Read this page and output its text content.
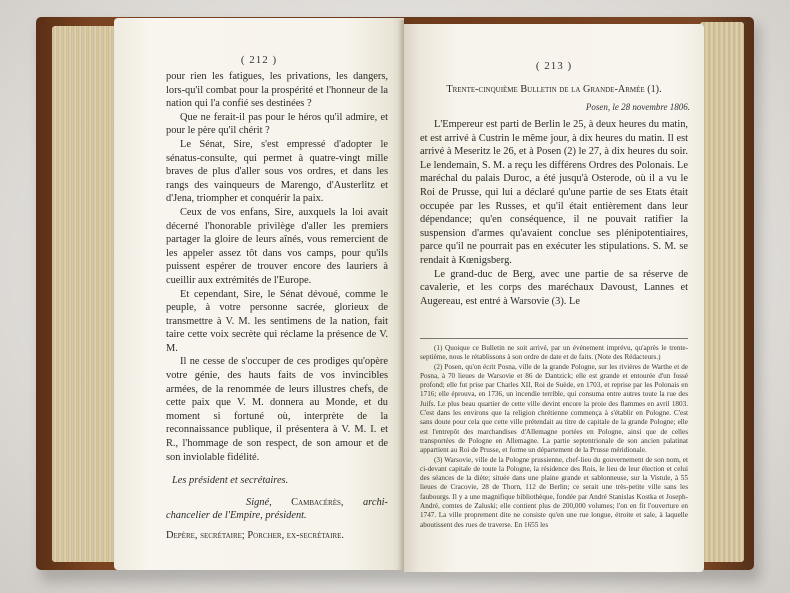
( 212 )

pour rien les fatigues, les privations, les dangers, lors-qu'il combat pour la prospérité et l'honneur de la nation qui l'a confié ses destinées ?

Que ne ferait-il pas pour le héros qu'il admire, et pour le père qu'il chérit ?

Le Sénat, Sire, s'est empressé d'adopter le sénatus-consulte, qui permet à quatre-vingt mille braves de plus d'aller sous vos ordres, et dans les rangs des vainqueurs de Marengo, d'Austerlitz et d'Jena, triompher et conquérir la paix.

Ceux de vos enfans, Sire, auxquels la loi avait décerné l'honorable privilège d'aller les premiers partager la gloire de leurs aînés, vous remercient de les appeler assez tôt dans vos camps, pour qu'ils puissent espérer de trouver encore des lauriers à cueillir aux extrémités de l'Europe.

Et cependant, Sire, le Sénat dévoué, comme le peuple, à votre personne sacrée, glorieux de transmettre à V. M. les sentimens de la nation, fait taire cette voix secrète qui réclame la présence de V. M.

Il ne cesse de s'occuper de ces prodiges qu'opère votre génie, des hauts faits de vos invincibles armées, de la renommée de leurs illustres chefs, de cette paix que V. M. donnera au Monde, et du moment si fortuné où, interprète de la reconnaissance publique, il présentera à V. M. I. et R., l'hommage de son respect, de son amour et de son inviolable fidélité.

Les président et secrétaires.

Signé, Cambacérès, archi-chancelier de l'Empire, président.

Depère, secrétaire; Porcher, ex-secrétaire.

( 213 )
Trente-cinquième Bulletin de la Grande-Armée (1).
Posen, le 28 novembre 1806.

L'Empereur est parti de Berlin le 25, à deux heures du matin, et est arrivé à Custrin le même jour, à dix heures du matin. Il est arrivé à Meseritz le 26, et à Posen (2) le 27, à dix heures du soir. Le lendemain, S. M. a reçu les différens Ordres des Polonais. Le maréchal du palais Duroc, a été jusqu'à Osterode, où il a vu le Roi de Prusse, qui lui a déclaré qu'une partie de ses Etats était occupée par les Russes, et qu'il était entièrement dans leur dépendance; qu'en conséquence, il ne pouvait ratifier la suspension d'armes qu'avaient conclue ses plénipotentiaires, parce qu'il ne pourrait pas en exécuter les stipulations. S. M. se rendait à Kœnigsberg.

Le grand-duc de Berg, avec une partie de sa réserve de cavalerie, et les corps des maréchaux Davoust, Lannes et Augereau, est entré à Warsovie (3). Le

(1) Quoique ce Bulletin ne soit arrivé, par un événement imprévu, qu'après le trente-septième, nous le rétablissons à son ordre de date et de faits. (Note des Rédacteurs.)

(2) Posen, qu'on écrit Posna, ville de la grande Pologne, sur les rivières de Warthe et de Posna, à 70 lieues de Warsovie et 86 de Dantzick; elle est grande et entourée d'un fossé profond; elle fut prise par Charles XII, Roi de Suède, en 1703, et reprise par les Polonais en 1716; elle éprouva, en 1736, un incendie terrible, qui consuma entre autres toute la rue des Juifs. Le plus beau quartier de cette ville devint encore la proie des flammes en avril 1803. C'est dans les environs que la religion chrétienne commença à s'établir en Pologne. C'est sans doute pour cela que cette ville prétendait au titre de capitale de la grande Pologne; elle est l'entrepôt des marchandises d'Allemagne portées en Pologne, ainsi que de celles transportées de Pologne en Allemagne. La partie septentrionale de son ancien palatinat appartient au Roi de Prusse, et forme un département de la Prusse méridionale.

(3) Warsovie, ville de la Pologne prussienne, chef-lieu du gouvernement de son nom, et ci-devant capitale de toute la Pologne, la résidence des Rois, le lieu de leur élection et celui des séances de la diète; située dans une plaine grande et sablonneuse, sur la Vistule, à 55 lieues de Cracovie, 28 de Thorn, 112 de Berlin; ce serait une très-petite ville sans les faubourgs. Il y a une magnifique bibliothèque, fondée par André Stanislas Kostka et Joseph-André, comtes de Zaluski; elle contient plus de 200,000 volumes; l'on en fit l'ouverture en 1747. La ville proprement dite ne consiste qu'en une rue longue, étroite et sale, à laquelle aboutissent des rues de traverse. En 1655 les
